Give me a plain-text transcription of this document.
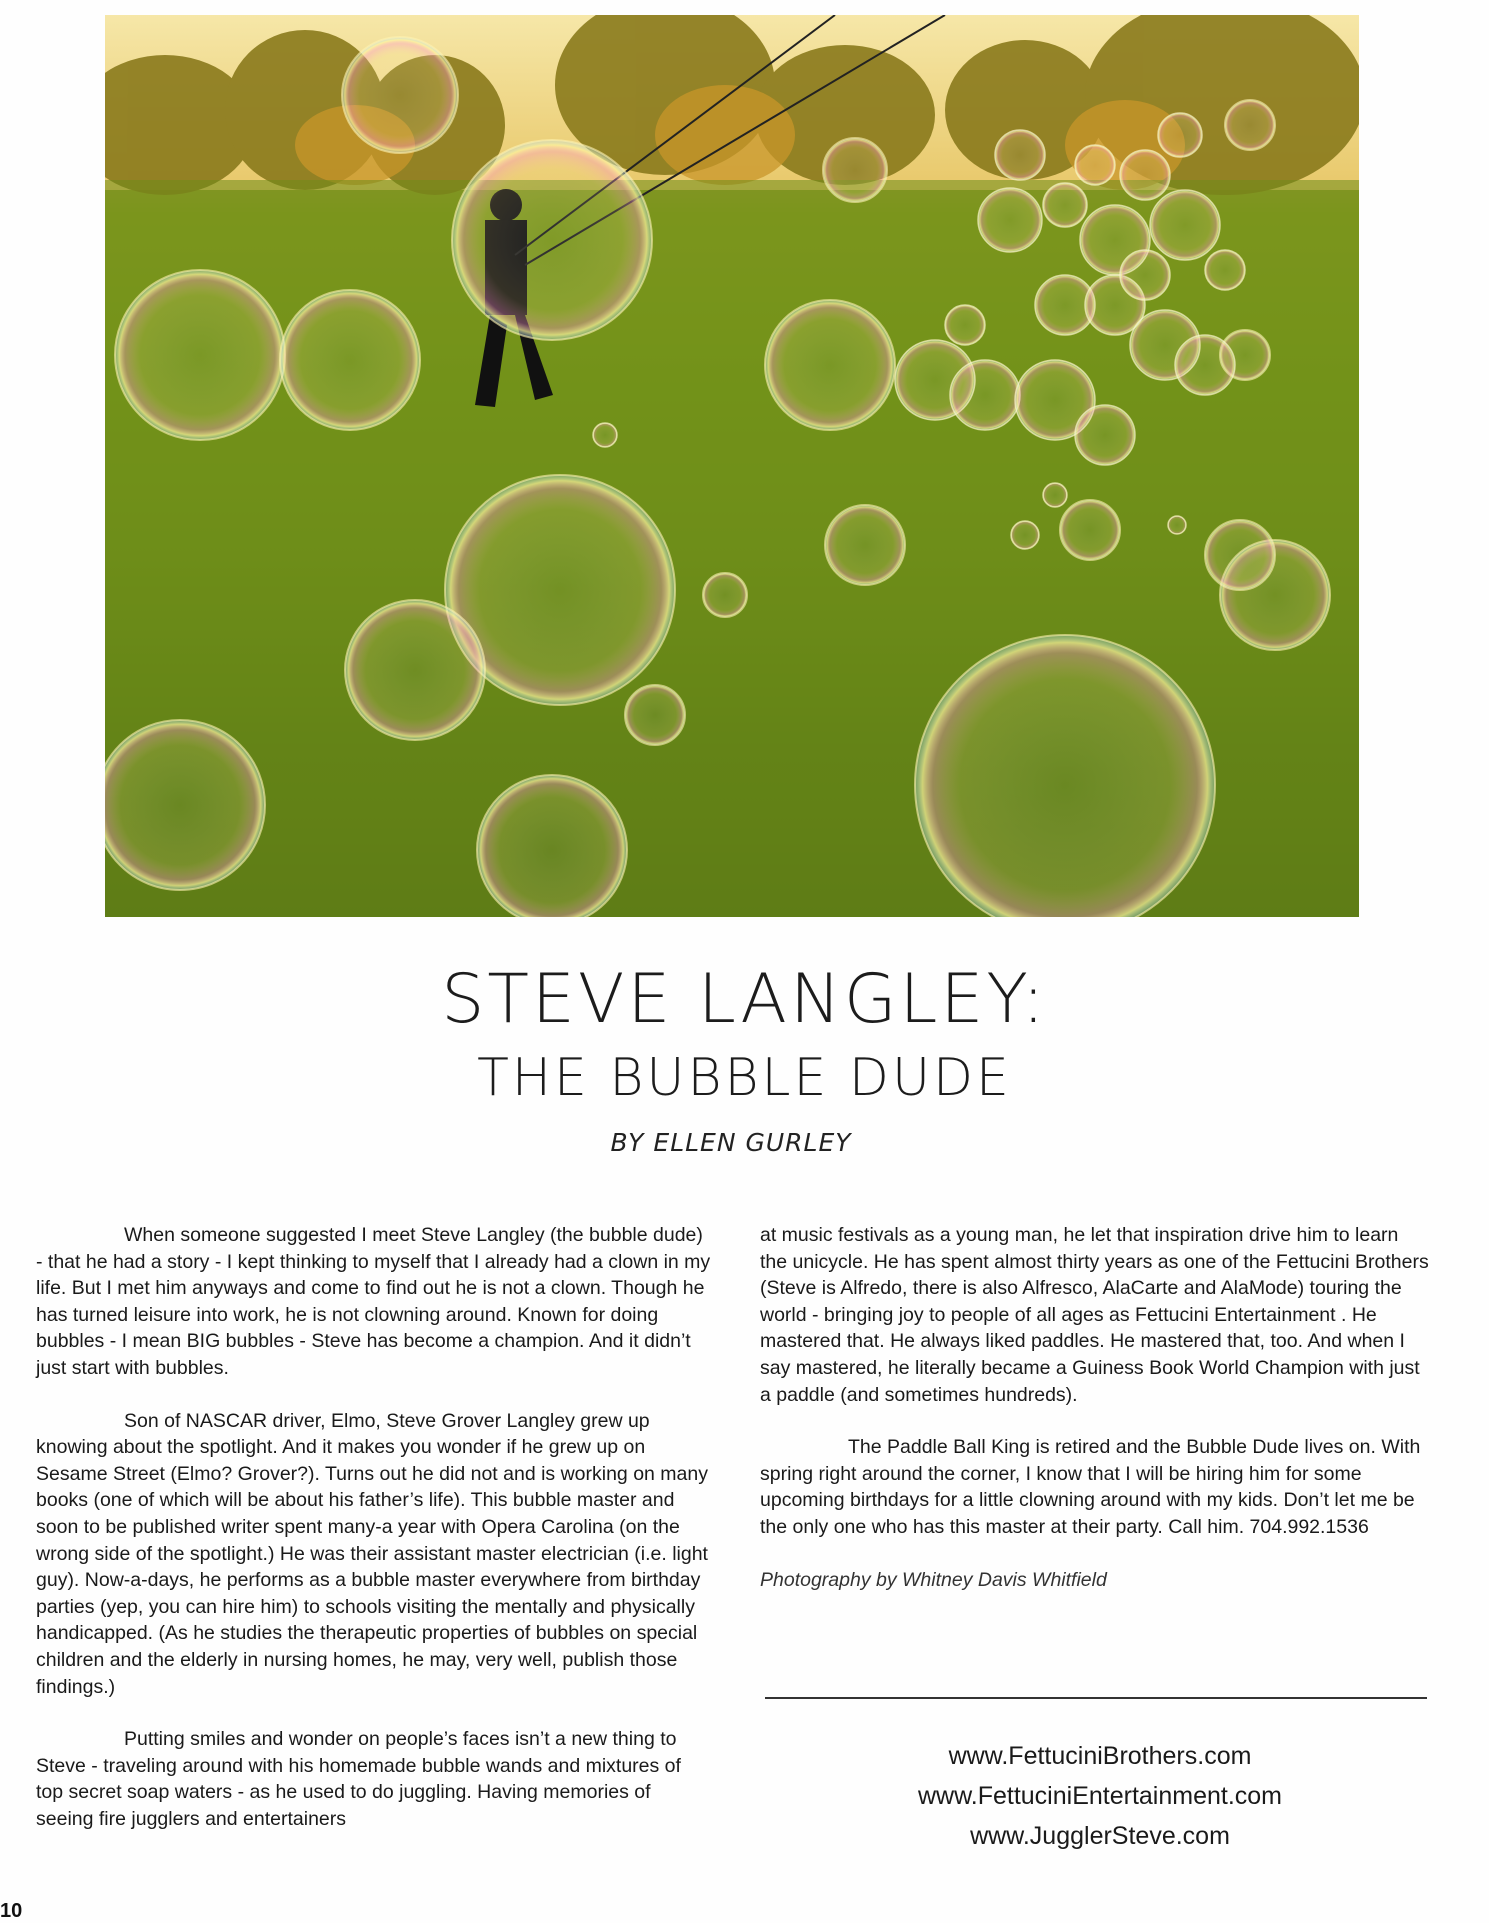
STEVE LANGLEY:
THE BUBBLE DUDE
BY ELLEN GURLEY

When someone suggested I meet Steve Langley (the bubble dude) - that he had a story - I kept thinking to myself that I already had a clown in my life. But I met him anyways and come to find out he is not a clown. Though he has turned leisure into work, he is not clowning around. Known for doing bubbles - I mean BIG bubbles - Steve has become a champion. And it didn’t just start with bubbles.

Son of NASCAR driver, Elmo, Steve Grover Langley grew up knowing about the spotlight. And it makes you wonder if he grew up on Sesame Street (Elmo? Grover?). Turns out he did not and is working on many books (one of which will be about his father’s life). This bubble master and soon to be published writer spent many-a year with Opera Carolina (on the wrong side of the spotlight.) He was their assistant master electrician (i.e. light guy). Now-a-days, he performs as a bubble master everywhere from birthday parties (yep, you can hire him) to schools visiting the mentally and physically handicapped. (As he studies the therapeutic properties of bubbles on special children and the elderly in nursing homes, he may, very well, publish those findings.)

Putting smiles and wonder on people’s faces isn’t a new thing to Steve - traveling around with his homemade bubble wands and mixtures of top secret soap waters - as he used to do juggling. Having memories of seeing fire jugglers and entertainers

at music festivals as a young man, he let that inspiration drive him to learn the unicycle. He has spent almost thirty years as one of the Fettucini Brothers (Steve is Alfredo, there is also Alfresco, AlaCarte and AlaMode) touring the world - bringing joy to people of all ages as Fettucini Entertainment . He mastered that. He always liked paddles. He mastered that, too. And when I say mastered, he literally became a Guiness Book World Champion with just a paddle (and sometimes hundreds).

The Paddle Ball King is retired and the Bubble Dude lives on. With spring right around the corner, I know that I will be hiring him for some upcoming birthdays for a little clowning around with my kids. Don’t let me be the only one who has this master at their party. Call him. 704.992.1536

Photography by Whitney Davis Whitfield

www.FettuciniBrothers.com
www.FettuciniEntertainment.com
www.JugglerSteve.com
10
